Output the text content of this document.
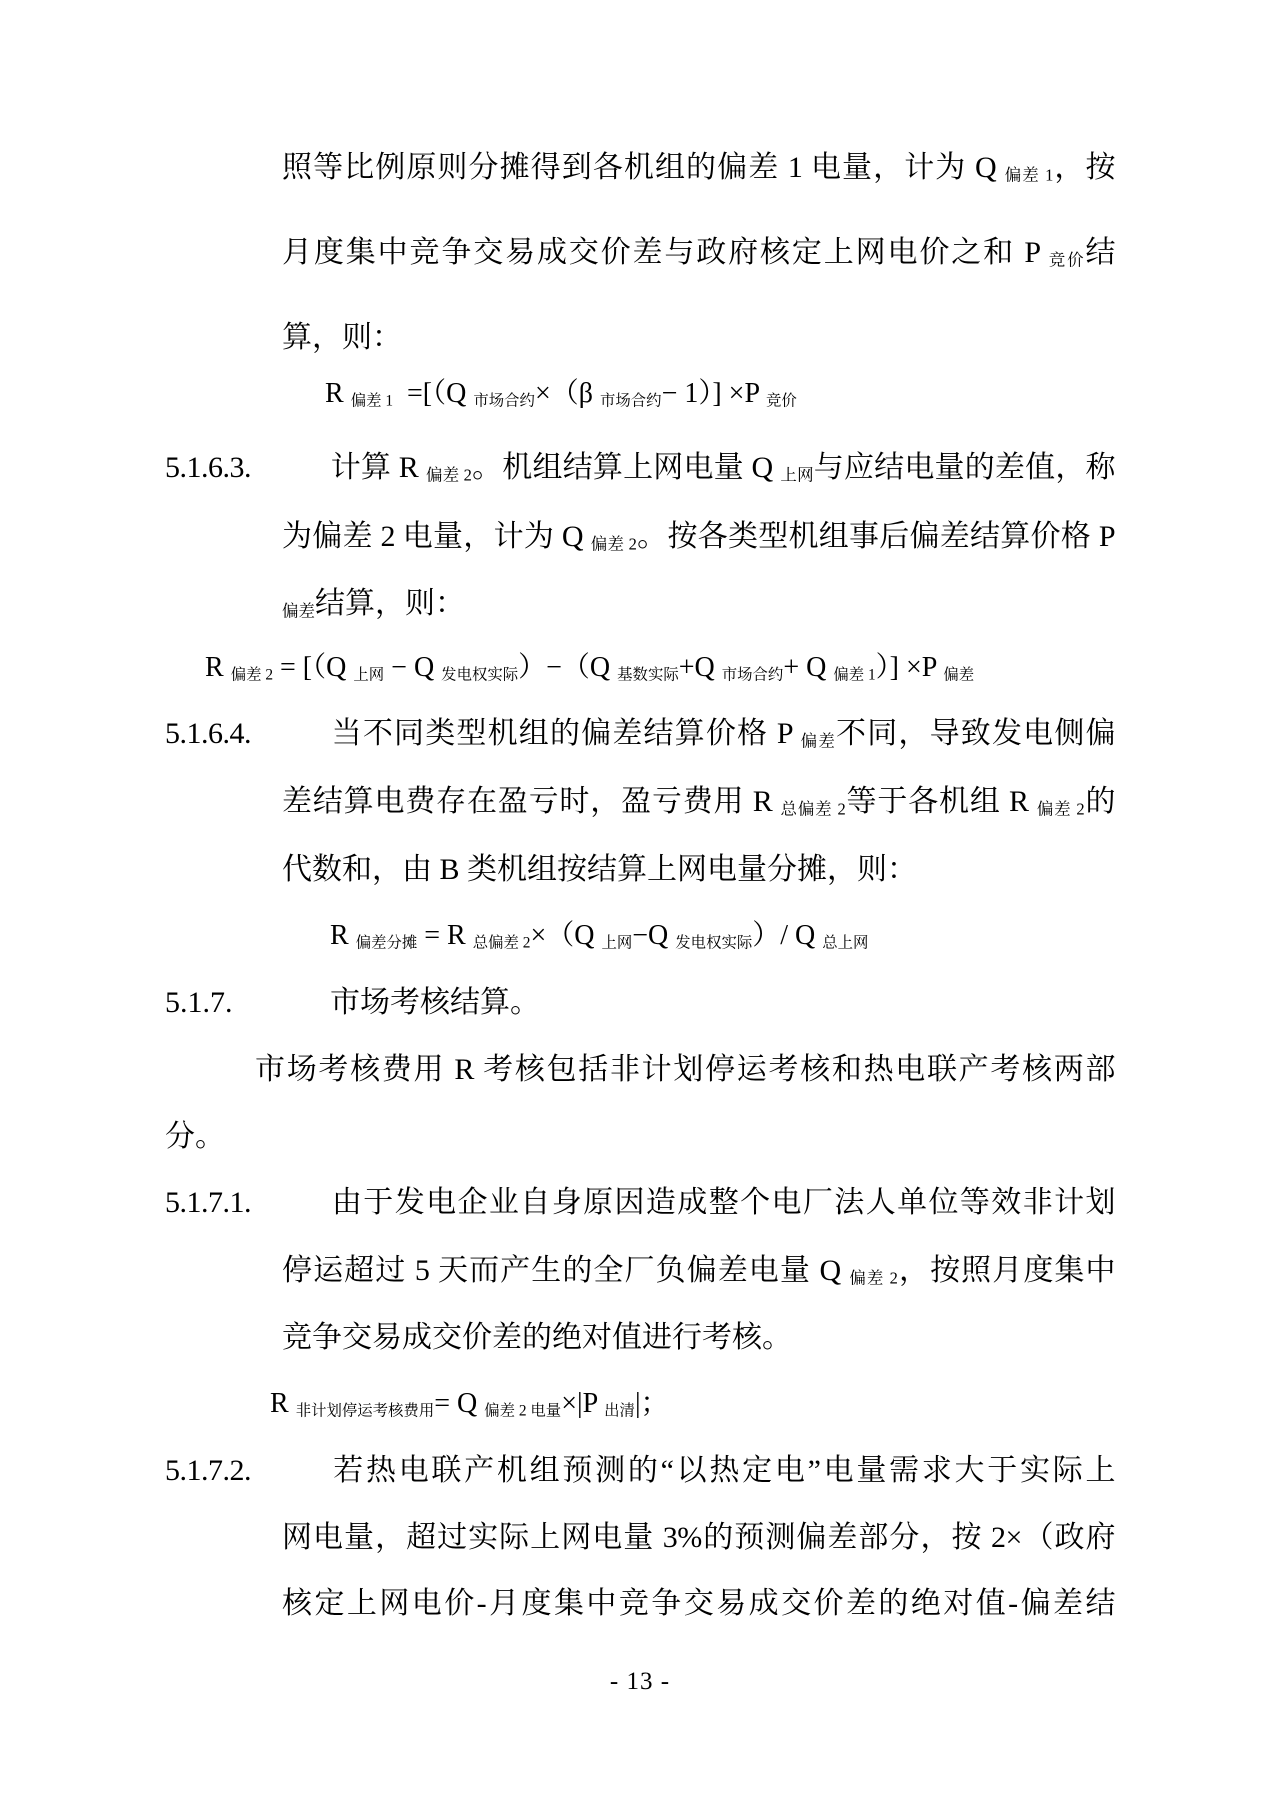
照等比例原则分摊得到各机组的偏差 1 电量，计为 Q 偏差 1，按
月度集中竞争交易成交价差与政府核定上网电价之和 P 竞价结
算，则：
R 偏差 1  =[（Q 市场合约×（β 市场合约− 1）] ×P 竞价
5.1.6.3.	计算 R 偏差 2。机组结算上网电量 Q 上网与应结电量的差值，称
为偏差 2 电量，计为 Q 偏差 2。按各类型机组事后偏差结算价格 P
偏差结算，则：
R 偏差 2 = [（Q 上网 − Q 发电权实际）−（Q 基数实际+Q 市场合约+ Q 偏差 1）] ×P 偏差
5.1.6.4.	当不同类型机组的偏差结算价格 P 偏差不同，导致发电侧偏
差结算电费存在盈亏时，盈亏费用 R 总偏差 2等于各机组 R 偏差 2的
代数和，由 B 类机组按结算上网电量分摊，则：
R 偏差分摊 = R 总偏差 2×（Q 上网−Q 发电权实际）/ Q 总上网
5.1.7.	市场考核结算。
市场考核费用 R 考核包括非计划停运考核和热电联产考核两部
分。
5.1.7.1.	由于发电企业自身原因造成整个电厂法人单位等效非计划
停运超过 5 天而产生的全厂负偏差电量 Q 偏差 2，按照月度集中
竞争交易成交价差的绝对值进行考核。
R 非计划停运考核费用= Q 偏差 2 电量×|P 出清|；
5.1.7.2.	若热电联产机组预测的“以热定电”电量需求大于实际上
网电量，超过实际上网电量 3%的预测偏差部分，按 2×（政府
核定上网电价-月度集中竞争交易成交价差的绝对值-偏差结
- 13 -
